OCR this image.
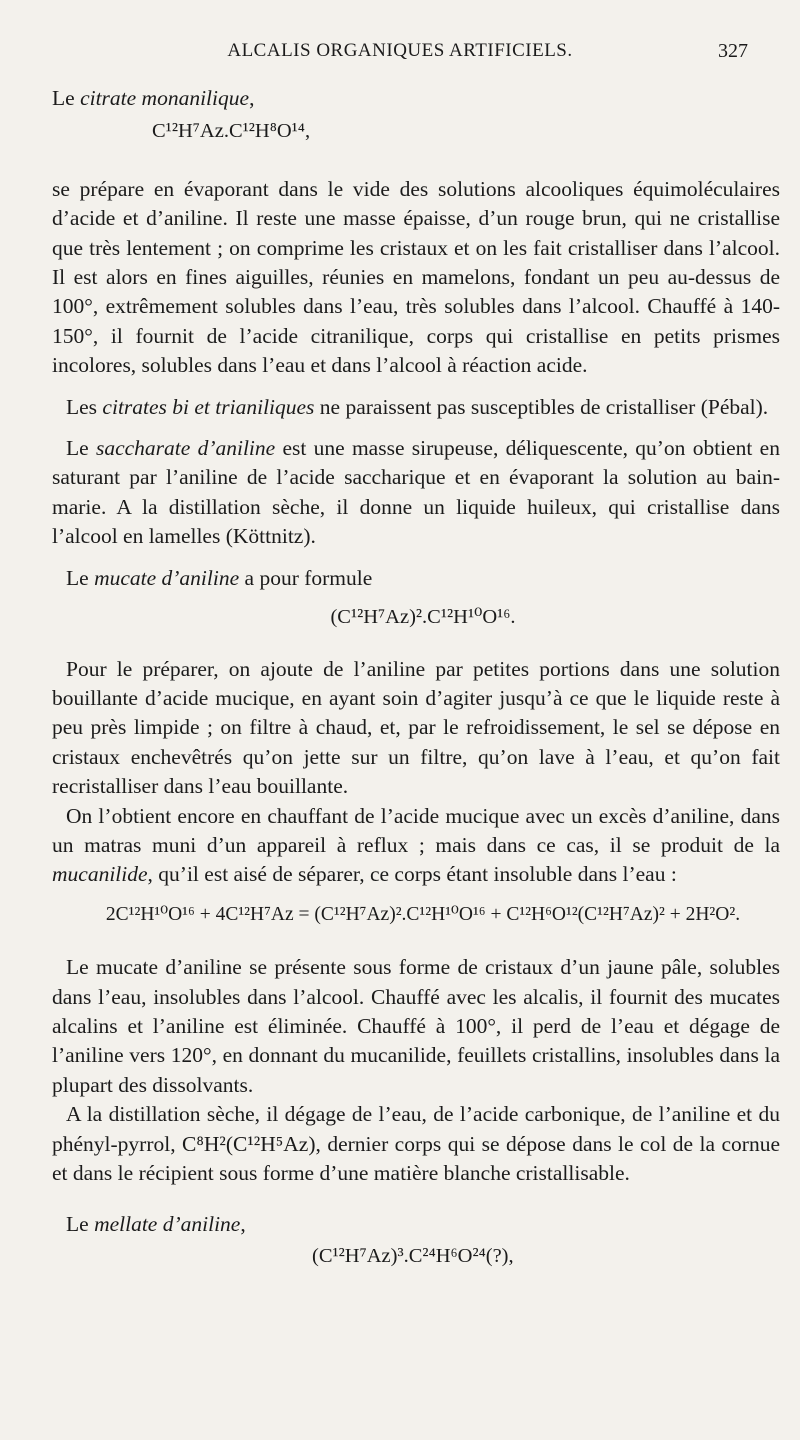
ALCALIS ORGANIQUES ARTIFICIELS.	327

Le citrate monanilique,

C¹²H⁷Az.C¹²H⁸O¹⁴,

se prépare en évaporant dans le vide des solutions alcooliques équimoléculaires d’acide et d’aniline. Il reste une masse épaisse, d’un rouge brun, qui ne cristallise que très lentement ; on comprime les cristaux et on les fait cristalliser dans l’alcool. Il est alors en fines aiguilles, réunies en mamelons, fondant un peu au-dessus de 100°, extrêmement solubles dans l’eau, très solubles dans l’alcool. Chauffé à 140-150°, il fournit de l’acide citranilique, corps qui cristallise en petits prismes incolores, solubles dans l’eau et dans l’alcool à réaction acide.

Les citrates bi et trianiliques ne paraissent pas susceptibles de cristalliser (Pébal).

Le saccharate d’aniline est une masse sirupeuse, déliquescente, qu’on obtient en saturant par l’aniline de l’acide saccharique et en évaporant la solution au bain-marie. A la distillation sèche, il donne un liquide huileux, qui cristallise dans l’alcool en lamelles (Köttnitz).

Le mucate d’aniline a pour formule

(C¹²H⁷Az)².C¹²H¹⁰O¹⁶.

Pour le préparer, on ajoute de l’aniline par petites portions dans une solution bouillante d’acide mucique, en ayant soin d’agiter jusqu’à ce que le liquide reste à peu près limpide ; on filtre à chaud, et, par le refroidissement, le sel se dépose en cristaux enchevêtrés qu’on jette sur un filtre, qu’on lave à l’eau, et qu’on fait recristalliser dans l’eau bouillante.

On l’obtient encore en chauffant de l’acide mucique avec un excès d’aniline, dans un matras muni d’un appareil à reflux ; mais dans ce cas, il se produit de la mucanilide, qu’il est aisé de séparer, ce corps étant insoluble dans l’eau :

2C¹²H¹⁰O¹⁶ + 4C¹²H⁷Az = (C¹²H⁷Az)².C¹²H¹⁰O¹⁶ + C¹²H⁶O¹²(C¹²H⁷Az)² + 2H²O².

Le mucate d’aniline se présente sous forme de cristaux d’un jaune pâle, solubles dans l’eau, insolubles dans l’alcool. Chauffé avec les alcalis, il fournit des mucates alcalins et l’aniline est éliminée. Chauffé à 100°, il perd de l’eau et dégage de l’aniline vers 120°, en donnant du mucanilide, feuillets cristallins, insolubles dans la plupart des dissolvants.

A la distillation sèche, il dégage de l’eau, de l’acide carbonique, de l’aniline et du phényl-pyrrol, C⁸H²(C¹²H⁵Az), dernier corps qui se dépose dans le col de la cornue et dans le récipient sous forme d’une matière blanche cristallisable.

Le mellate d’aniline,

(C¹²H⁷Az)³.C²⁴H⁶O²⁴(?),
